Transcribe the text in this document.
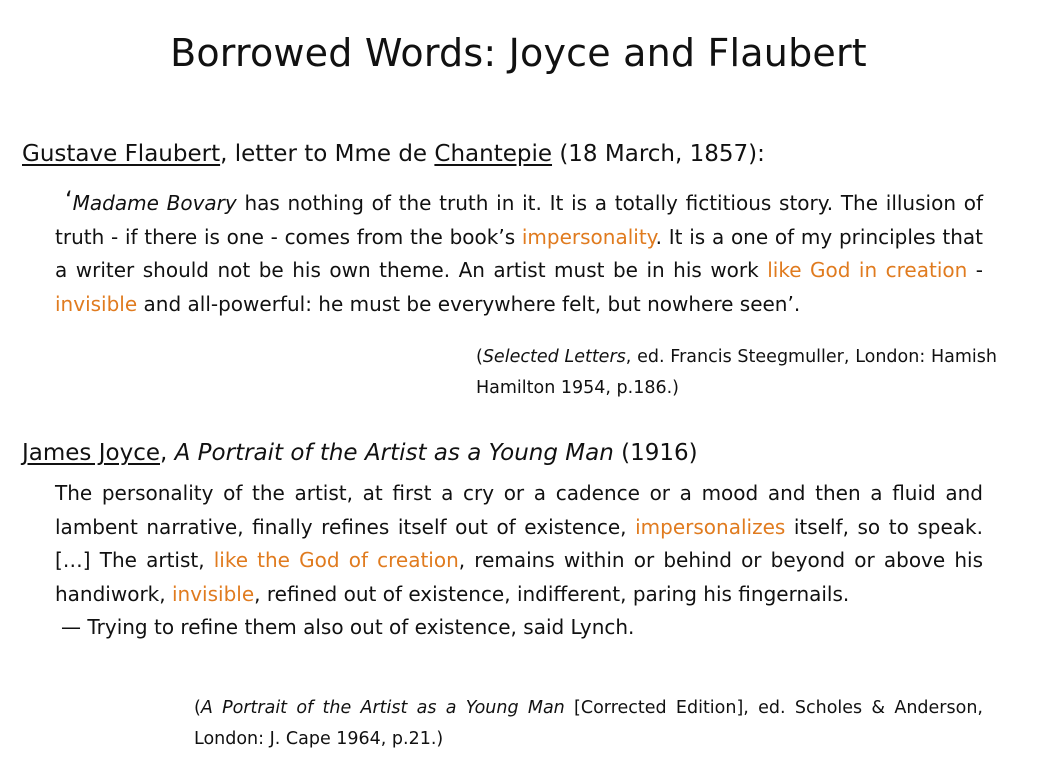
Borrowed Words: Joyce and Flaubert
Gustave Flaubert, letter to Mme de Chantepie (18 March, 1857):

‘Madame Bovary has nothing of the truth in it. It is a totally fictitious story. The illusion of truth - if there is one - comes from the book’s impersonality. It is a one of my principles that a writer should not be his own theme. An artist must be in his work like God in creation - invisible and all-powerful: he must be everywhere felt, but nowhere seen’.

(Selected Letters, ed. Francis Steegmuller, London: Hamish Hamilton 1954, p.186.)
James Joyce, A Portrait of the Artist as a Young Man (1916)

The personality of the artist, at first a cry or a cadence or a mood and then a fluid and lambent narrative, finally refines itself out of existence, impersonalizes itself, so to speak. […] The artist, like the God of creation, remains within or behind or beyond or above his handiwork, invisible, refined out of existence, indifferent, paring his fingernails.

— Trying to refine them also out of existence, said Lynch.

(A Portrait of the Artist as a Young Man [Corrected Edition], ed. Scholes & Anderson, London: J. Cape 1964, p.21.)
